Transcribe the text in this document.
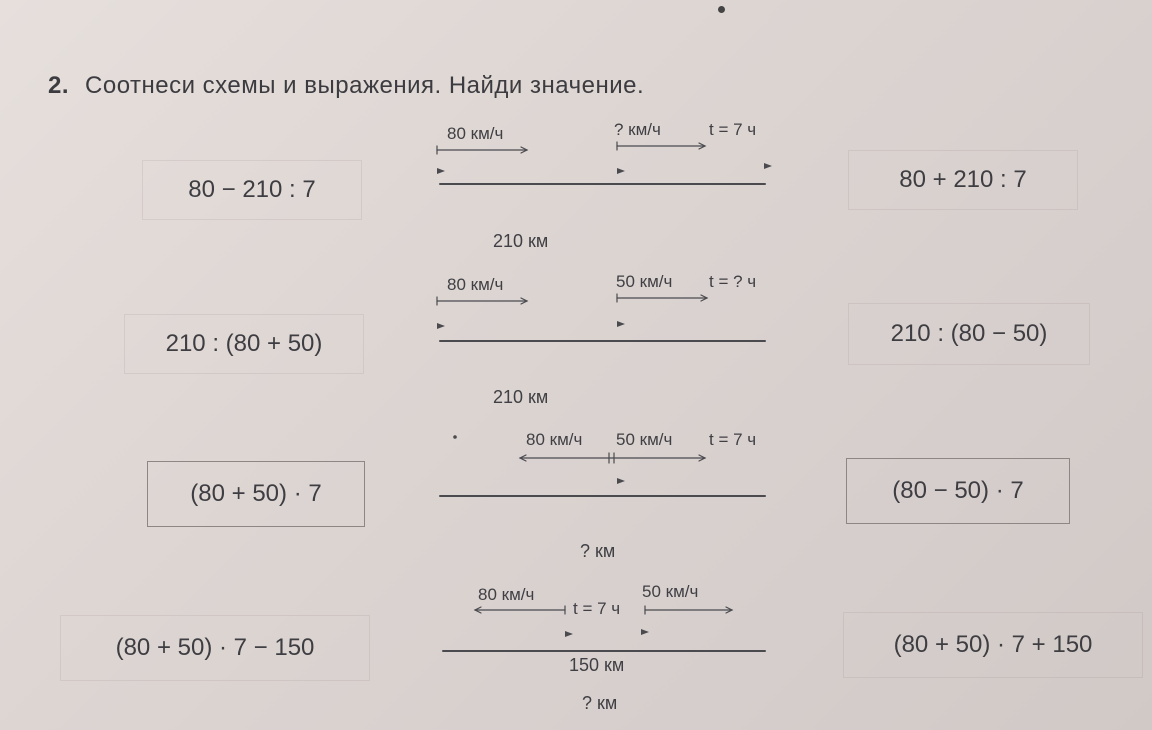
2. Соотнеси схемы и выражения. Найди значение.
80 − 210 : 7
210 : (80 + 50)
(80 + 50) · 7
(80 + 50) · 7 − 150
80 + 210 : 7
210 : (80 − 50)
(80 − 50) · 7
(80 + 50) · 7 + 150
80 км/ч	? км/ч	t = 7 ч
210 км
80 км/ч	50 км/ч t = ? ч
210 км
80 км/ч 50 км/ч t = 7 ч
? км
80 км/ч	50 км/ч
t = 7 ч
150 км
? км
